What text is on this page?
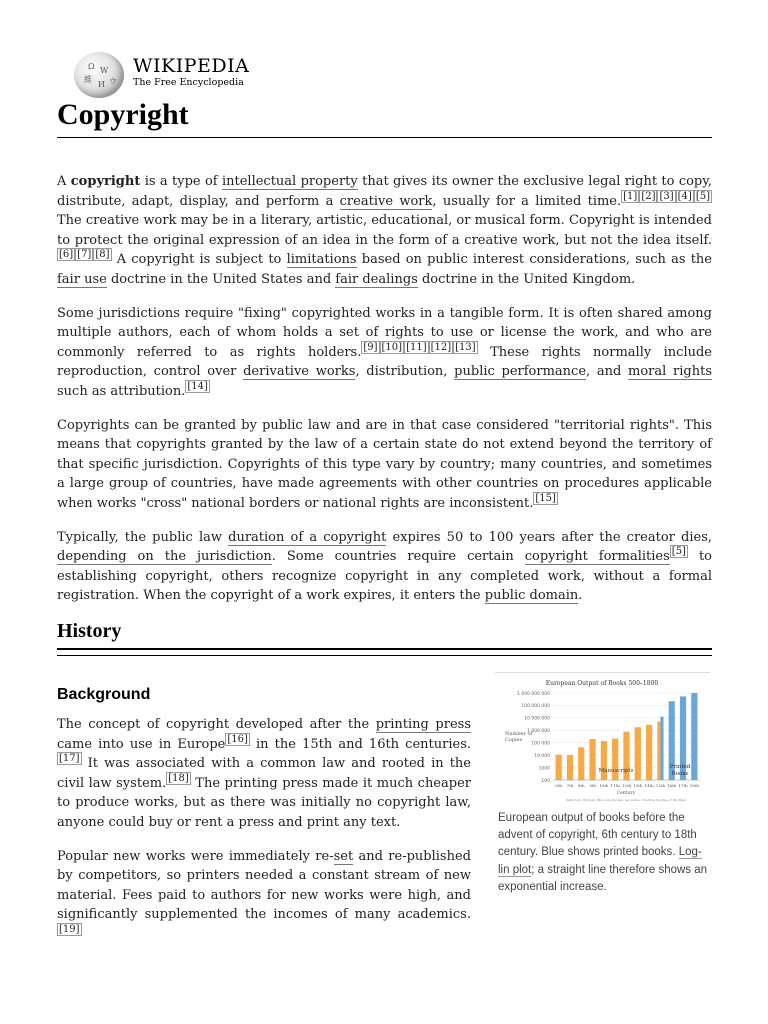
Ω W
維
И ウ
WIKIPEDIA
The Free Encyclopedia
Copyright

A copyright is a type of intellectual property that gives its owner the exclusive legal right to copy, distribute, adapt, display, and perform a creative work, usually for a limited time. [1] [2] [3] [4] [5] The creative work may be in a literary, artistic, educational, or musical form. Copyright is intended to protect the original expression of an idea in the form of a creative work, but not the idea itself.[6] [7] [8] A copyright is subject to limitations based on public interest considerations, such as the fair use doctrine in the United States and fair dealings doctrine in the United Kingdom.

Some jurisdictions require "fixing" copyrighted works in a tangible form. It is often shared among multiple authors, each of whom holds a set of rights to use or license the work, and who are commonly referred to as rights holders. [9] [10] [11] [12] [13] These rights normally include reproduction, control over derivative works, distribution, public performance, and moral rights such as attribution. [14]

Copyrights can be granted by public law and are in that case considered "territorial rights". This means that copyrights granted by the law of a certain state do not extend beyond the territory of that specific jurisdiction. Copyrights of this type vary by country; many countries, and sometimes a large group of countries, have made agreements with other countries on procedures applicable when works "cross" national borders or national rights are inconsistent. [15]

Typically, the public law duration of a copyright expires 50 to 100 years after the creator dies, depending on the jurisdiction. Some countries require certain copyright formalities [5] to establishing copyright, others recognize copyright in any completed work, without a formal registration. When the copyright of a work expires, it enters the public domain.

History
Background

The concept of copyright developed after the printing press came into use in Europe [16] in the 15th and 16th centuries.[17] It was associated with a common law and rooted in the civil law system. [18] The printing press made it much cheaper to produce works, but as there was initially no copyright law, anyone could buy or rent a press and print any text.

Popular new works were immediately re-set and re-published by competitors, so printers needed a constant stream of new material. Fees paid to authors for new works were high, and significantly supplemented the incomes of many academics.[19]

European Output of Books 500–1800
Number of Copies
1 000 000 000
100 000 000
10 000 000
1 000 000
100 000
10 000
1000
100
6th 7th 8th 9th 10th 11th 12th 13th 14th 15th 16th 17th 18th
Manuscripts
Printed
Books
Century
Data from: Buringh, Eltjo; van Zanden, Jan Luiten: Charting the Rise of the West
European output of books before the advent of copyright, 6th century to 18th century. Blue shows printed books. Log-lin plot; a straight line therefore shows an exponential increase.
